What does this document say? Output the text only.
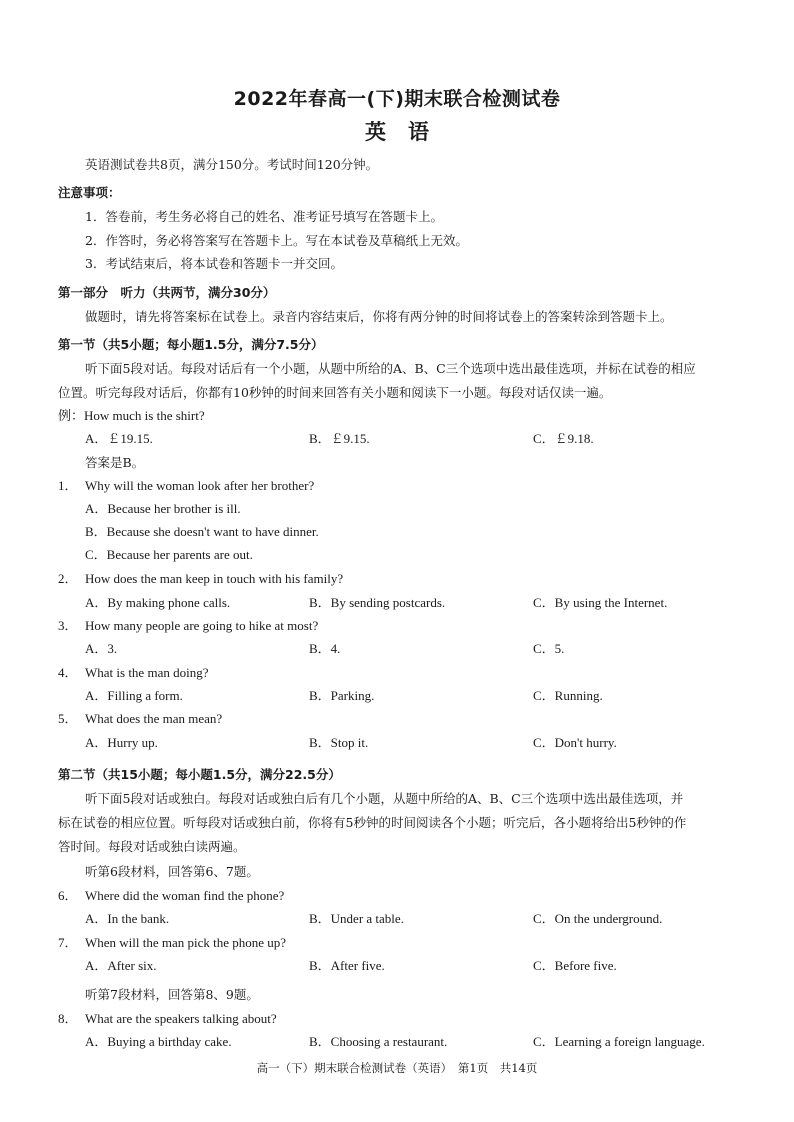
2022年春高一(下)期末联合检测试卷
英语
英语测试卷共8页，满分150分。考试时间120分钟。
注意事项：
1．答卷前，考生务必将自己的姓名、准考证号填写在答题卡上。
2．作答时，务必将答案写在答题卡上。写在本试卷及草稿纸上无效。
3．考试结束后，将本试卷和答题卡一并交回。
第一部分　听力（共两节，满分30分）
做题时，请先将答案标在试卷上。录音内容结束后，你将有两分钟的时间将试卷上的答案转涂到答题卡上。
第一节（共5小题；每小题1.5分，满分7.5分）
听下面5段对话。每段对话后有一个小题，从题中所给的A、B、C三个选项中选出最佳选项，并标在试卷的相应
位置。听完每段对话后，你都有10秒钟的时间来回答有关小题和阅读下一小题。每段对话仅读一遍。
例：How much is the shirt?
A．￡19.15.	B．￡9.15.	C．￡9.18.
答案是B。
1． Why will the woman look after her brother?
A．Because her brother is ill.
B．Because she doesn't want to have dinner.
C．Because her parents are out.
2． How does the man keep in touch with his family?
A．By making phone calls.	B．By sending postcards.	C．By using the Internet.
3． How many people are going to hike at most?
A．3.	B．4.	C．5.
4． What is the man doing?
A．Filling a form.	B．Parking.	C．Running.
5． What does the man mean?
A．Hurry up.	B．Stop it.	C．Don't hurry.
第二节（共15小题；每小题1.5分，满分22.5分）
听下面5段对话或独白。每段对话或独白后有几个小题，从题中所给的A、B、C三个选项中选出最佳选项，并
标在试卷的相应位置。听每段对话或独白前，你将有5秒钟的时间阅读各个小题；听完后，各小题将给出5秒钟的作
答时间。每段对话或独白读两遍。
听第6段材料，回答第6、7题。
6． Where did the woman find the phone?
A．In the bank.	B．Under a table.	C．On the underground.
7． When will the man pick the phone up?
A．After six.	B．After five.	C．Before five.
听第7段材料，回答第8、9题。
8． What are the speakers talking about?
A．Buying a birthday cake.	B．Choosing a restaurant.	C．Learning a foreign language.
高一（下）期末联合检测试卷（英语）　第1页　共14页
